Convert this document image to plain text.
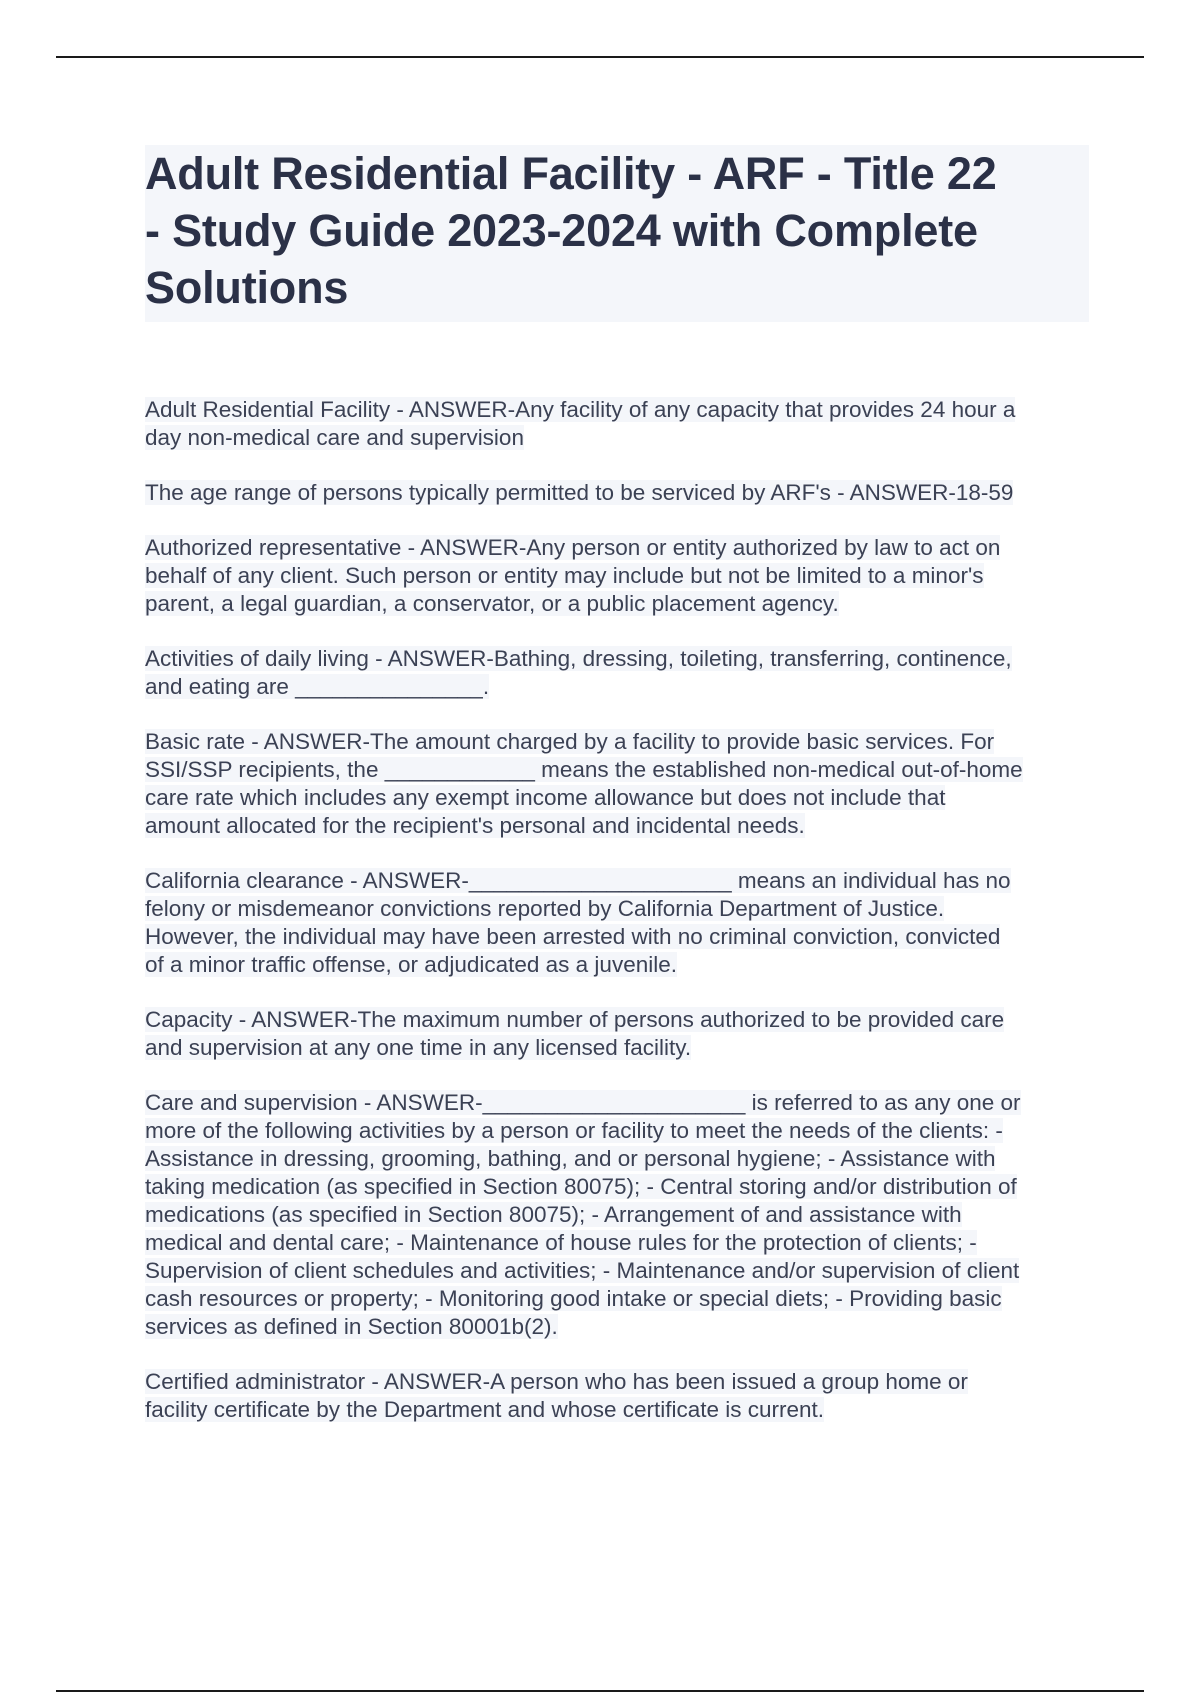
Adult Residential Facility - ARF - Title 22
- Study Guide 2023-2024 with Complete
Solutions

Adult Residential Facility - ANSWER-Any facility of any capacity that provides 24 hour a
day non-medical care and supervision

The age range of persons typically permitted to be serviced by ARF's - ANSWER-18-59

Authorized representative - ANSWER-Any person or entity authorized by law to act on
behalf of any client. Such person or entity may include but not be limited to a minor's
parent, a legal guardian, a conservator, or a public placement agency.

Activities of daily living - ANSWER-Bathing, dressing, toileting, transferring, continence,
and eating are _______________.

Basic rate - ANSWER-The amount charged by a facility to provide basic services. For
SSI/SSP recipients, the ____________ means the established non-medical out-of-home
care rate which includes any exempt income allowance but does not include that
amount allocated for the recipient's personal and incidental needs.

California clearance - ANSWER-_____________________ means an individual has no
felony or misdemeanor convictions reported by California Department of Justice.
However, the individual may have been arrested with no criminal conviction, convicted
of a minor traffic offense, or adjudicated as a juvenile.

Capacity - ANSWER-The maximum number of persons authorized to be provided care
and supervision at any one time in any licensed facility.

Care and supervision - ANSWER-_____________________ is referred to as any one or
more of the following activities by a person or facility to meet the needs of the clients: -
Assistance in dressing, grooming, bathing, and or personal hygiene; - Assistance with
taking medication (as specified in Section 80075); - Central storing and/or distribution of
medications (as specified in Section 80075); - Arrangement of and assistance with
medical and dental care; - Maintenance of house rules for the protection of clients; -
Supervision of client schedules and activities; - Maintenance and/or supervision of client
cash resources or property; - Monitoring good intake or special diets; - Providing basic
services as defined in Section 80001b(2).

Certified administrator - ANSWER-A person who has been issued a group home or
facility certificate by the Department and whose certificate is current.
